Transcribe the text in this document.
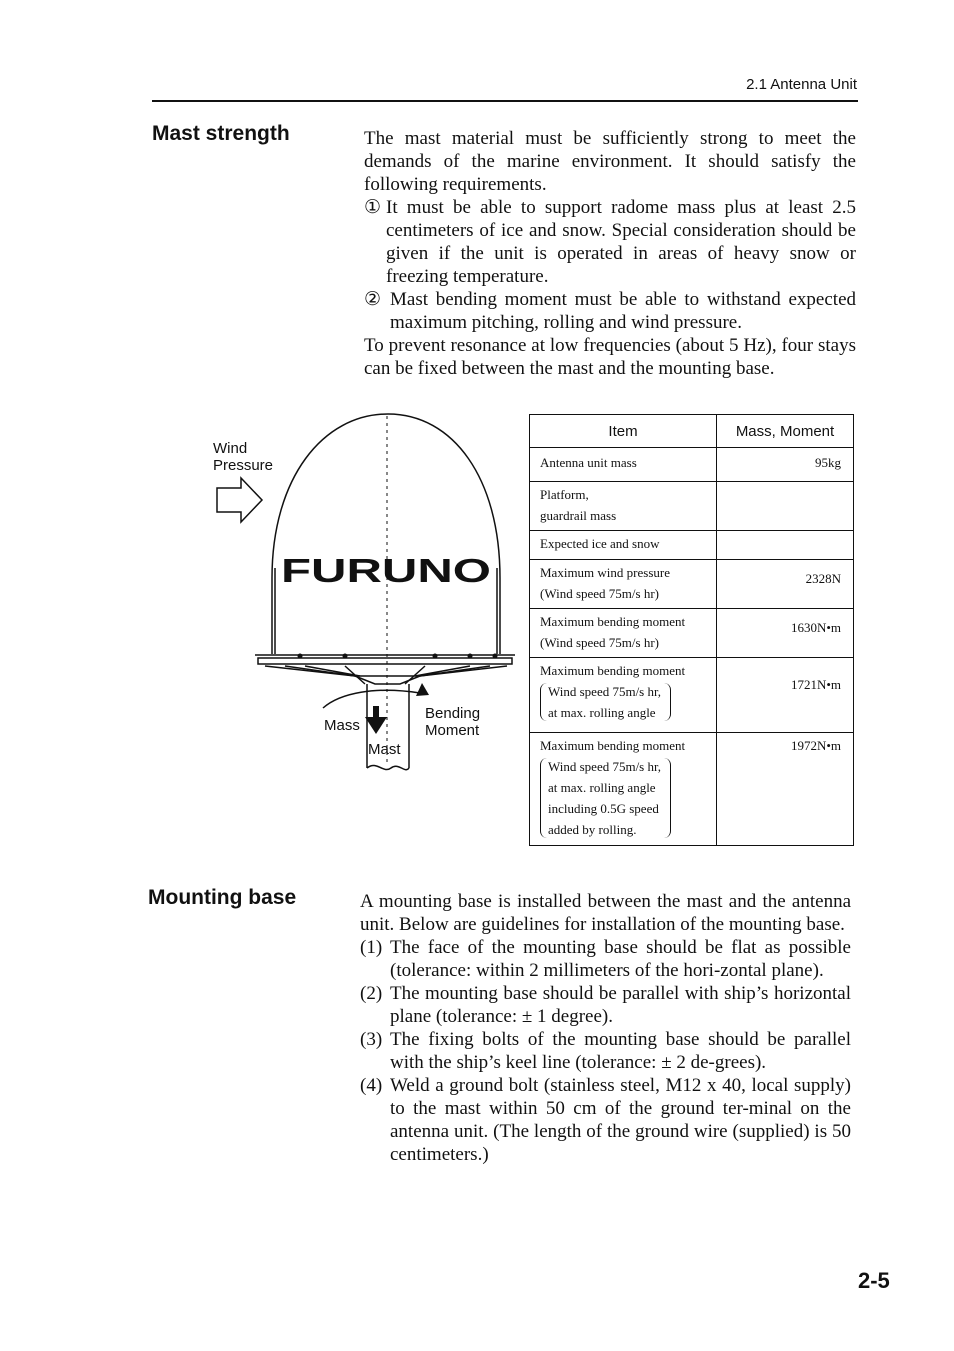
2.1 Antenna Unit
Mast strength	The mast material must be sufficiently strong to meet the demands of the marine environment. It should satisfy the following requirements.

① It must be able to support radome mass plus at least 2.5 centimeters of ice and snow. Special consideration should be given if the unit is operated in areas of heavy snow or freezing temperature.
② Mast bending moment must be able to withstand expected maximum pitching, rolling and wind pressure.

To prevent resonance at low frequencies (about 5 Hz), four stays can be fixed between the mast and the mounting base.

Wind
Pressure
FURUNO
Mass
Mast
Bending
Moment
Item	Mass, Moment
Antenna unit mass	95kg

Platform,
guardrail mass	

Expected ice and snow	

Maximum wind pressure
(Wind speed 75m/s hr)	2328N

Maximum bending moment
(Wind speed 75m/s hr)	1630N•m

Maximum bending moment
Wind speed 75m/s hr,
at max. rolling angle	1721N•m

Maximum bending moment
Wind speed 75m/s hr,
at max. rolling angle
including 0.5G speed
added by rolling.	1972N•m
Mounting base	A mounting base is installed between the mast and the antenna unit. Below are guidelines for installation of the mounting base.

(1) The face of the mounting base should be flat as possible (tolerance: within 2 millimeters of the hori-zontal plane).
(2) The mounting base should be parallel with ship’s horizontal plane (tolerance: ± 1 degree).
(3) The fixing bolts of the mounting base should be parallel with the ship’s keel line (tolerance: ± 2 de-grees).
(4) Weld a ground bolt (stainless steel, M12 x 40, local supply) to the mast within 50 cm of the ground ter-minal on the antenna unit. (The length of the ground wire (supplied) is 50 centimeters.)
2-5
